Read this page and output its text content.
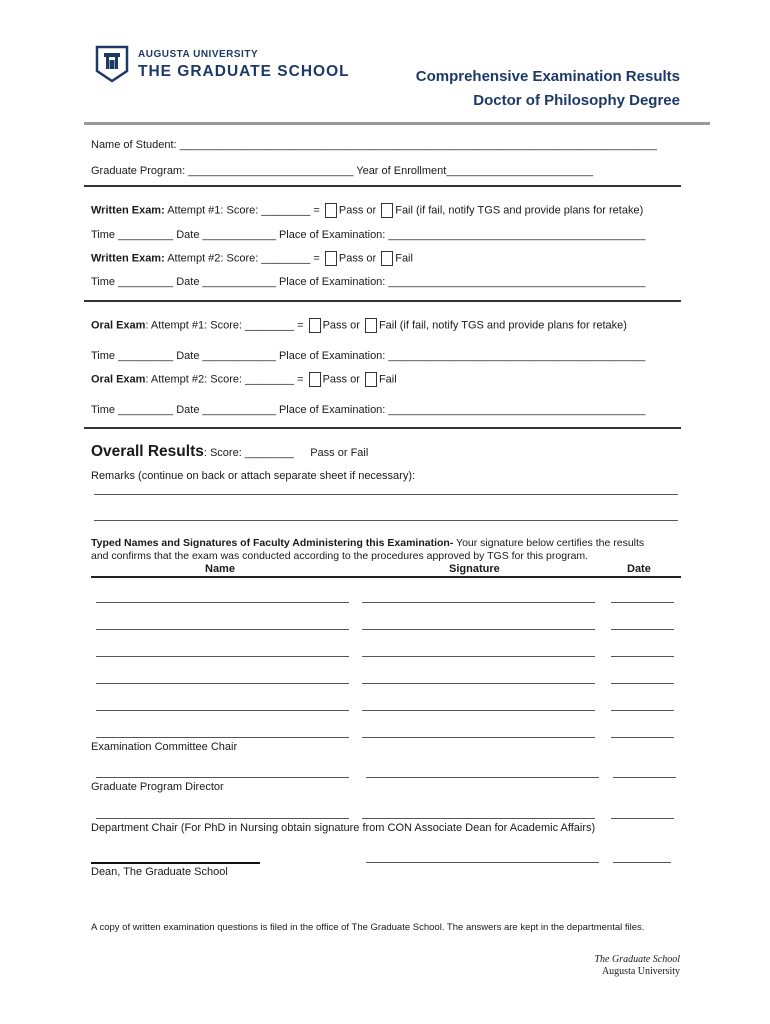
AUGUSTA UNIVERSITY
THE GRADUATE SCHOOL	Comprehensive Examination Results
Doctor of Philosophy Degree
Name of Student: ______________________________________________________________________________
Graduate Program: ___________________________ Year of Enrollment________________________
Written Exam: Attempt #1: Score: ________ = Pass or Fail (if fail, notify TGS and provide plans for retake)
Time _________ Date ____________ Place of Examination: __________________________________________
Written Exam: Attempt #2: Score: ________ = Pass or Fail
Time _________ Date ____________ Place of Examination: __________________________________________
Oral Exam: Attempt #1: Score: ________ = Pass or Fail (if fail, notify TGS and provide plans for retake)
Time _________ Date ____________ Place of Examination: __________________________________________
Oral Exam: Attempt #2: Score: ________ = Pass or Fail
Time _________ Date ____________ Place of Examination: __________________________________________
Overall Results: Score: ________ Pass or Fail
Remarks (continue on back or attach separate sheet if necessary):
Typed Names and Signatures of Faculty Administering this Examination- Your signature below certifies the results
and confirms that the exam was conducted according to the procedures approved by TGS for this program.
Name	Signature	Date
Examination Committee Chair
Graduate Program Director
Department Chair (For PhD in Nursing obtain signature from CON Associate Dean for Academic Affairs)
Dean, The Graduate School
A copy of written examination questions is filed in the office of The Graduate School. The answers are kept in the departmental files.
The Graduate School
Augusta University
